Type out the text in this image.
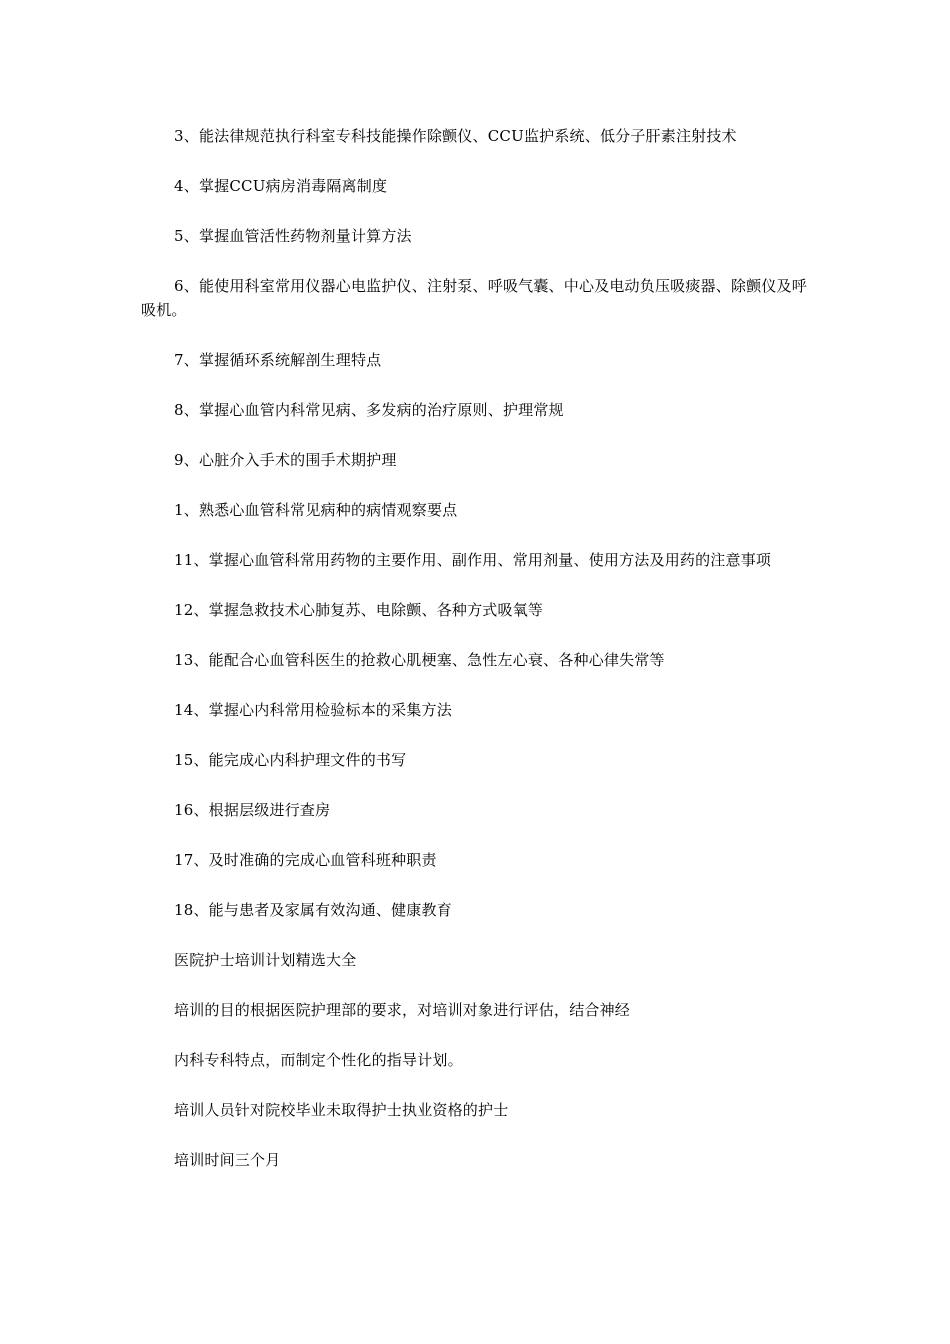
3、能法律规范执行科室专科技能操作除颤仪、CCU监护系统、低分子肝素注射技术

4、掌握CCU病房消毒隔离制度

5、掌握血管活性药物剂量计算方法

6、能使用科室常用仪器心电监护仪、注射泵、呼吸气囊、中心及电动负压吸痰器、除颤仪及呼吸机。

7、掌握循环系统解剖生理特点

8、掌握心血管内科常见病、多发病的治疗原则、护理常规

9、心脏介入手术的围手术期护理

1、熟悉心血管科常见病种的病情观察要点

11、掌握心血管科常用药物的主要作用、副作用、常用剂量、使用方法及用药的注意事项

12、掌握急救技术心肺复苏、电除颤、各种方式吸氧等

13、能配合心血管科医生的抢救心肌梗塞、急性左心衰、各种心律失常等

14、掌握心内科常用检验标本的采集方法

15、能完成心内科护理文件的书写

16、根据层级进行查房

17、及时准确的完成心血管科班种职责

18、能与患者及家属有效沟通、健康教育

医院护士培训计划精选大全

培训的目的根据医院护理部的要求，对培训对象进行评估，结合神经

内科专科特点，而制定个性化的指导计划。

培训人员针对院校毕业未取得护士执业资格的护士

培训时间三个月
